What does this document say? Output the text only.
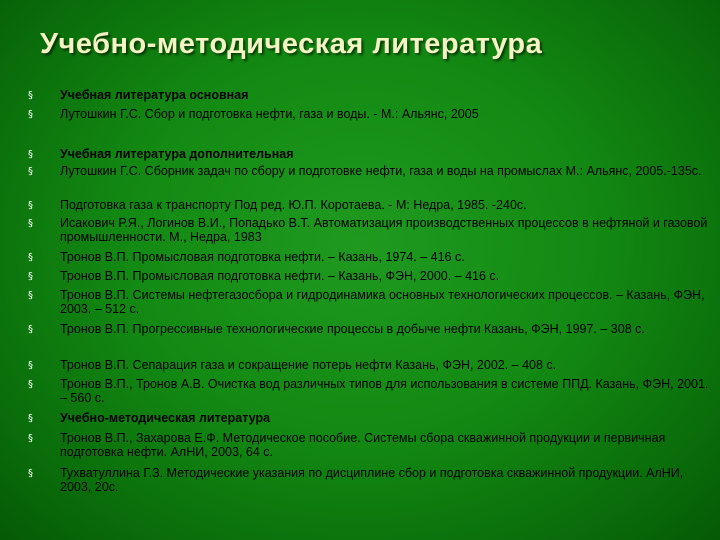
Учебно-методическая литература
§	Учебная литература основная
§	Лутошкин Г.С. Сбор и подготовка нефти, газа и воды. - М.: Альянс, 2005
§	Учебная литература дополнительная
§	Лутошкин Г.С. Сборник задач по сбору и подготовке нефти, газа и воды на промыслах М.: Альянс, 2005.-135с.
§	Подготовка газа к транспорту Под ред. Ю.П. Коротаева. - М: Недра, 1985. -240с.
§	Исакович Р.Я., Логинов В.И., Попадько В.Т. Автоматизация производственных процессов в нефтяной и газовой промышленности. М., Недра, 1983
§	Тронов В.П. Промысловая подготовка нефти. – Казань, 1974. – 416 с.
§	Тронов В.П. Промысловая подготовка нефти. – Казань, ФЭН, 2000. – 416 с.
§	Тронов В.П. Системы нефтегазосбора и гидродинамика основных технологических процессов. – Казань, ФЭН, 2003. – 512 с.
§	Тронов В.П. Прогрессивные технологические процессы в добыче нефти Казань, ФЭН, 1997. – 308 с.
§	Тронов В.П. Сепарация газа и сокращение потерь нефти Казань, ФЭН, 2002. – 408 с.
§	Тронов В.П., Тронов А.В. Очистка вод различных типов для использования в системе ППД. Казань, ФЭН, 2001. – 560 с.
§	Учебно-методическая литература
§	Тронов В.П., Захарова Е.Ф. Методическое пособие. Системы сбора скважинной продукции и первичная подготовка нефти. АлНИ, 2003, 64 с.
§	Тухватуллина Г.З. Методические указания по дисциплине сбор и подготовка скважинной продукции. АлНИ, 2003, 20с.
